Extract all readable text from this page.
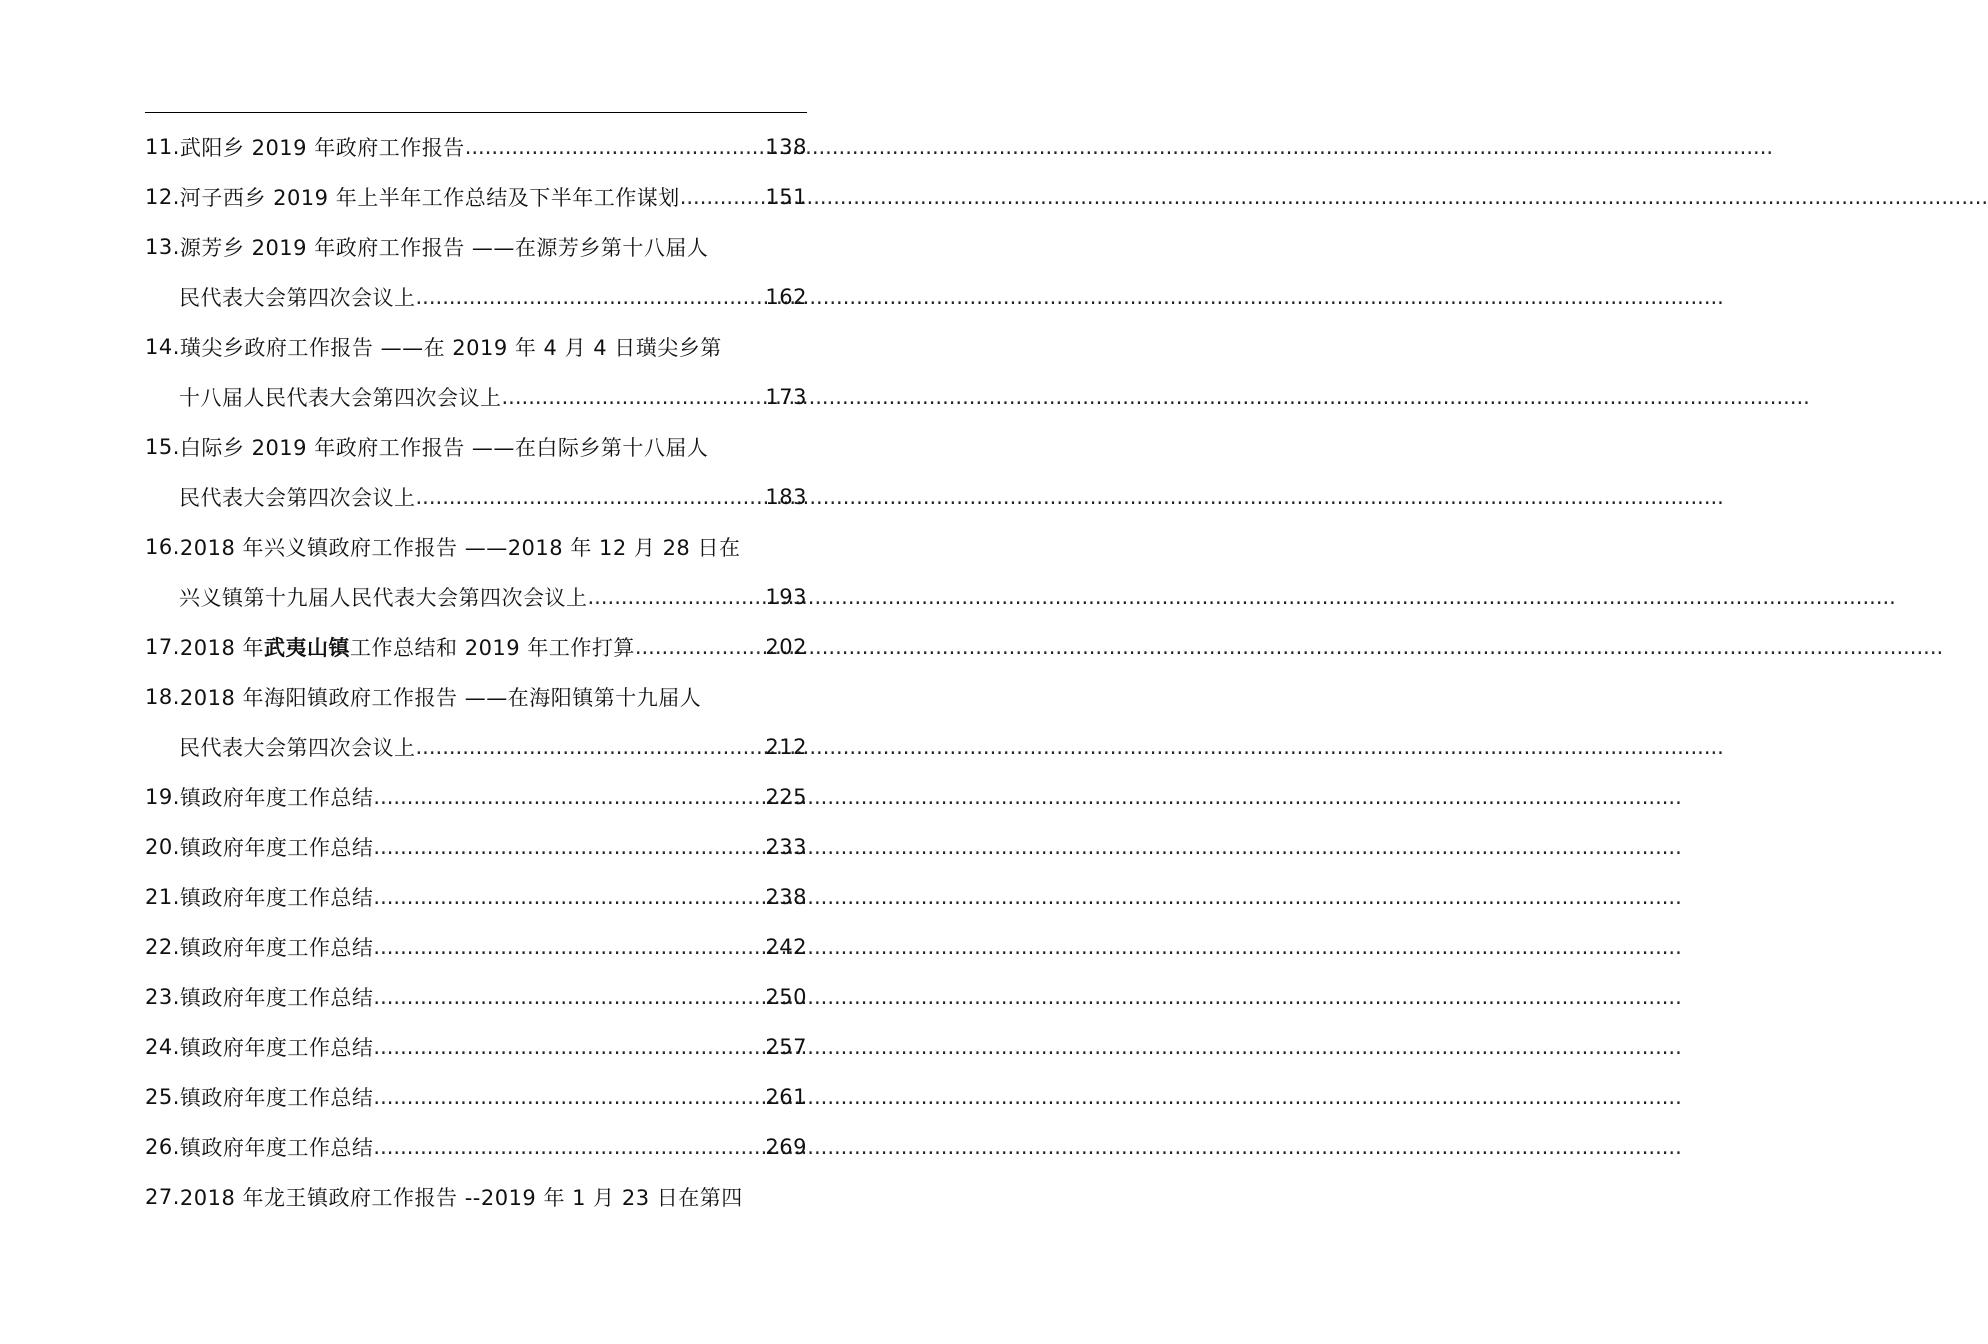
11. 武阳乡 2019 年政府工作报告 .....	138
12. 河子西乡 2019 年上半年工作总结及下半年工作谋划 .....	151
13. 源芳乡 2019 年政府工作报告 ——在源芳乡第十八届人
民代表大会第四次会议上 .....	162
14. 璜尖乡政府工作报告 ——在 2019 年 4 月 4 日璜尖乡第
十八届人民代表大会第四次会议上 .....	173
15. 白际乡 2019 年政府工作报告 ——在白际乡第十八届人
民代表大会第四次会议上 .....	183
16. 2018 年兴义镇政府工作报告 ——2018 年 12 月 28 日在
兴义镇第十九届人民代表大会第四次会议上 .....	193
17. 2018 年武夷山镇工作总结和 2019 年工作打算 .....	202
18. 2018 年海阳镇政府工作报告 ——在海阳镇第十九届人
民代表大会第四次会议上 .....	212
19. 镇政府年度工作总结 .....	225
20. 镇政府年度工作总结 .....	233
21. 镇政府年度工作总结 .....	238
22. 镇政府年度工作总结 .....	242
23. 镇政府年度工作总结 .....	250
24. 镇政府年度工作总结 .....	257
25. 镇政府年度工作总结 .....	261
26. 镇政府年度工作总结 .....	269
27. 2018 年龙王镇政府工作报告 --2019 年 1 月 23 日在第四
